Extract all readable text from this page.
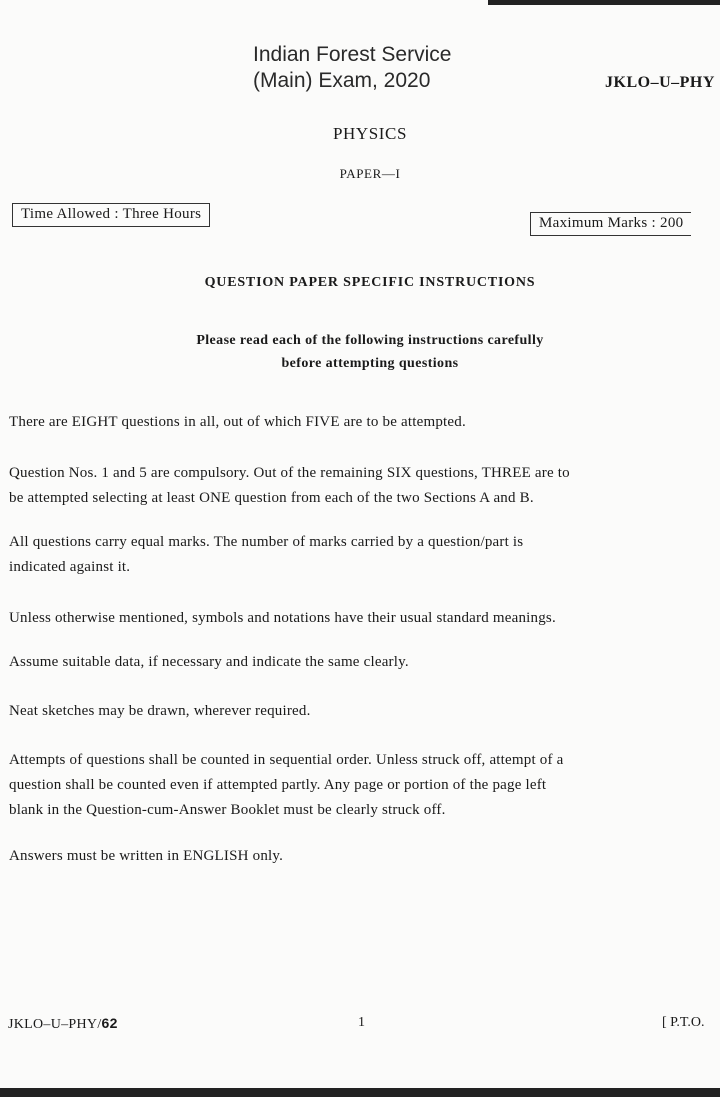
Indian Forest Service
(Main) Exam, 2020	JKLO–U–PHY
PHYSICS
PAPER—I
Time Allowed : Three Hours
Maximum Marks : 200
QUESTION PAPER SPECIFIC INSTRUCTIONS
Please read each of the following instructions carefully
before attempting questions
There are EIGHT questions in all, out of which FIVE are to be attempted.
Question Nos. 1 and 5 are compulsory. Out of the remaining SIX questions, THREE are to
be attempted selecting at least ONE question from each of the two Sections A and B.
All questions carry equal marks. The number of marks carried by a question/part is
indicated against it.
Unless otherwise mentioned, symbols and notations have their usual standard meanings.
Assume suitable data, if necessary and indicate the same clearly.
Neat sketches may be drawn, wherever required.
Attempts of questions shall be counted in sequential order. Unless struck off, attempt of a
question shall be counted even if attempted partly. Any page or portion of the page left
blank in the Question-cum-Answer Booklet must be clearly struck off.
Answers must be written in ENGLISH only.
JKLO–U–PHY/62	1	[ P.T.O.
